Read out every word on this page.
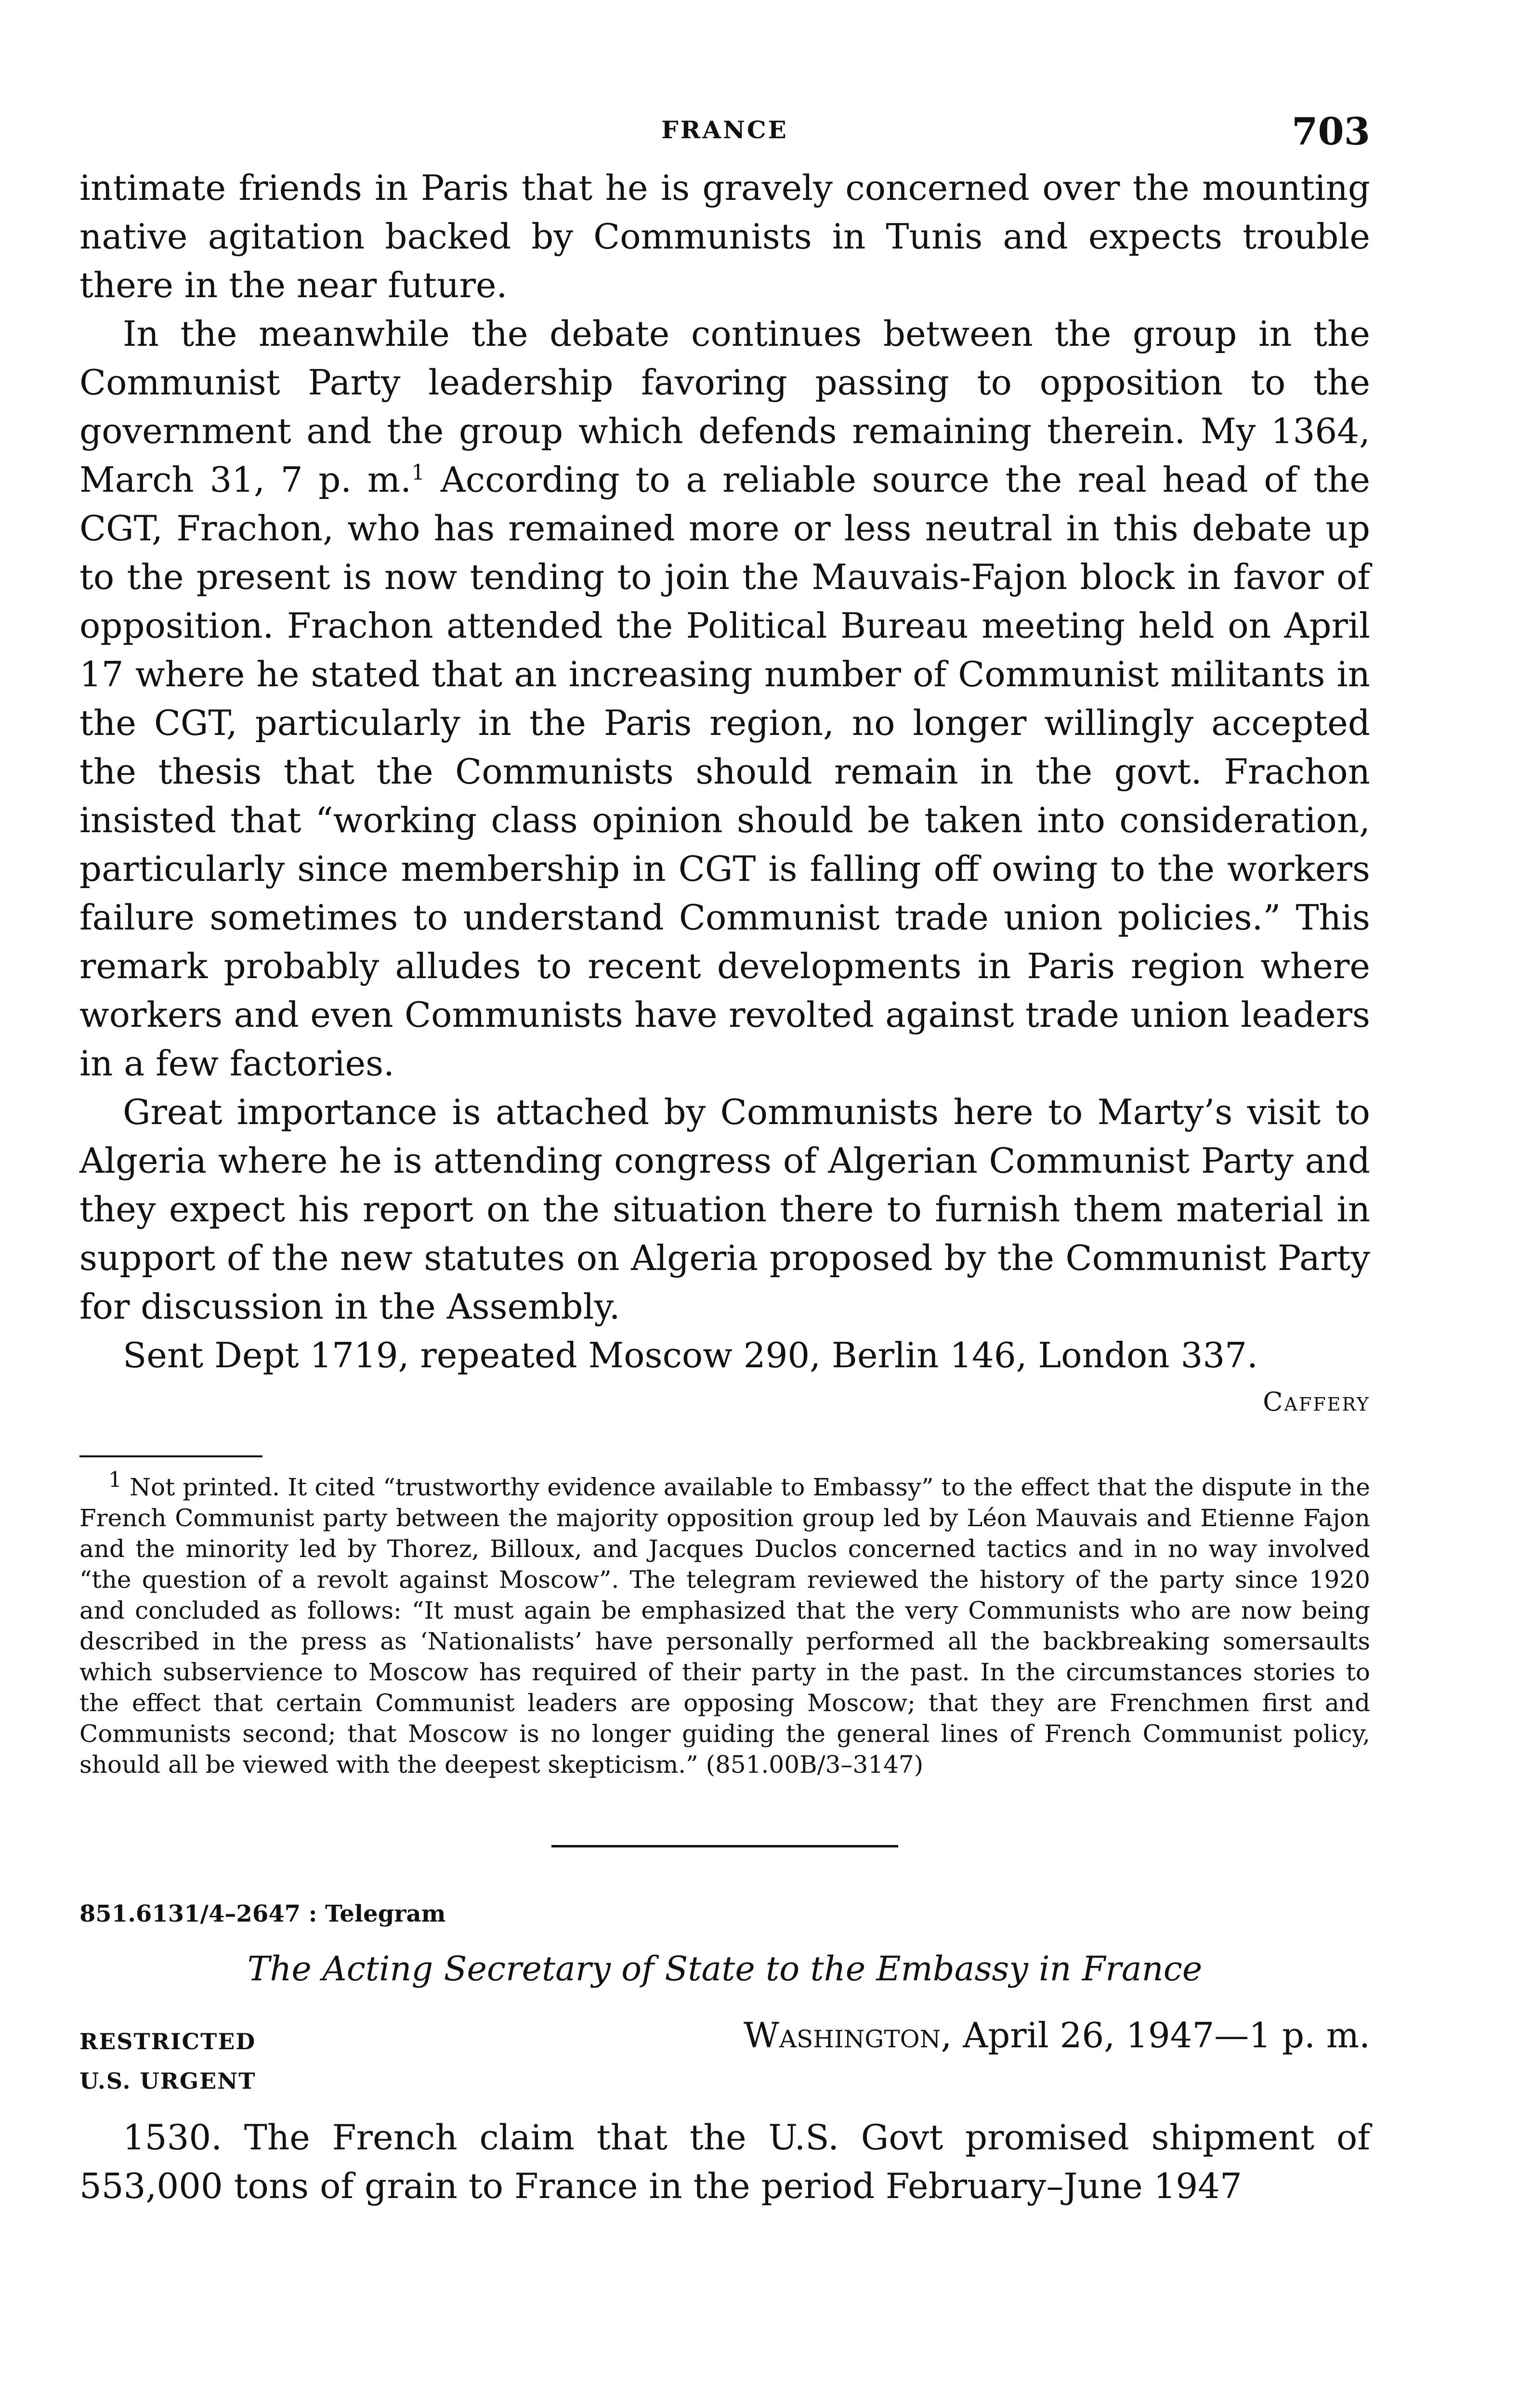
FRANCE	703

intimate friends in Paris that he is gravely concerned over the mounting native agitation backed by Communists in Tunis and expects trouble there in the near future.

In the meanwhile the debate continues between the group in the Communist Party leadership favoring passing to opposition to the government and the group which defends remaining therein. My 1364, March 31, 7 p. m.$^1$ According to a reliable source the real head of the CGT, Frachon, who has remained more or less neutral in this debate up to the present is now tending to join the Mauvais-Fajon block in favor of opposition. Frachon attended the Political Bureau meeting held on April 17 where he stated that an increasing number of Communist militants in the CGT, particularly in the Paris region, no longer willingly accepted the thesis that the Communists should remain in the govt. Frachon insisted that “working class opinion should be taken into consideration, particularly since membership in CGT is falling off owing to the workers failure sometimes to understand Communist trade union policies.” This remark probably alludes to recent developments in Paris region where workers and even Communists have revolted against trade union leaders in a few factories.

Great importance is attached by Communists here to Marty’s visit to Algeria where he is attending congress of Algerian Communist Party and they expect his report on the situation there to furnish them material in support of the new statutes on Algeria proposed by the Communist Party for discussion in the Assembly.

Sent Dept 1719, repeated Moscow 290, Berlin 146, London 337.

Caffery

$^1$ Not printed. It cited “trustworthy evidence available to Embassy” to the effect that the dispute in the French Communist party between the majority opposition group led by Léon Mauvais and Etienne Fajon and the minority led by Thorez, Billoux, and Jacques Duclos concerned tactics and in no way involved “the question of a revolt against Moscow”. The telegram reviewed the history of the party since 1920 and concluded as follows: “It must again be emphasized that the very Communists who are now being described in the press as ‘Nationalists’ have personally performed all the backbreaking somersaults which subservience to Moscow has required of their party in the past. In the circumstances stories to the effect that certain Communist leaders are opposing Moscow; that they are Frenchmen first and Communists second; that Moscow is no longer guiding the general lines of French Communist policy, should all be viewed with the deepest skepticism.” (851.00B/3–3147)

851.6131/4–2647 : Telegram

The Acting Secretary of State to the Embassy in France
RESTRICTED	Washington, April 26, 1947—1 p. m.
U.S. URGENT

1530. The French claim that the U.S. Govt promised shipment of 553,000 tons of grain to France in the period February–June 1947
